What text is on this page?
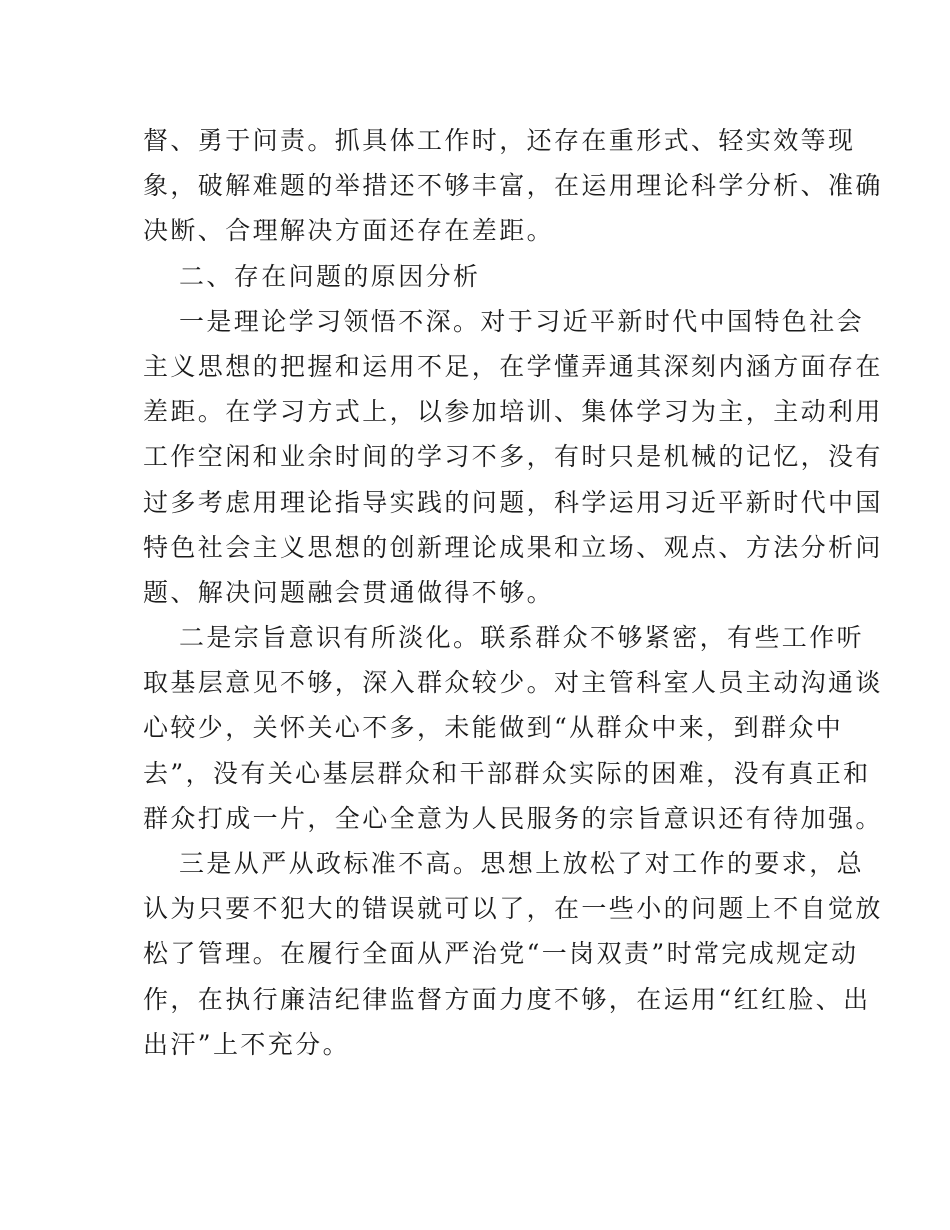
督、勇于问责。抓具体工作时，还存在重形式、轻实效等现
象，破解难题的举措还不够丰富，在运用理论科学分析、准确
决断、合理解决方面还存在差距。
二、存在问题的原因分析
一是理论学习领悟不深。对于习近平新时代中国特色社会
主义思想的把握和运用不足，在学懂弄通其深刻内涵方面存在
差距。在学习方式上，以参加培训、集体学习为主，主动利用
工作空闲和业余时间的学习不多，有时只是机械的记忆，没有
过多考虑用理论指导实践的问题，科学运用习近平新时代中国
特色社会主义思想的创新理论成果和立场、观点、方法分析问
题、解决问题融会贯通做得不够。
二是宗旨意识有所淡化。联系群众不够紧密，有些工作听
取基层意见不够，深入群众较少。对主管科室人员主动沟通谈
心较少，关怀关心不多，未能做到“从群众中来，到群众中
去”，没有关心基层群众和干部群众实际的困难，没有真正和
群众打成一片，全心全意为人民服务的宗旨意识还有待加强。
三是从严从政标准不高。思想上放松了对工作的要求，总
认为只要不犯大的错误就可以了，在一些小的问题上不自觉放
松了管理。在履行全面从严治党“一岗双责”时常完成规定动
作，在执行廉洁纪律监督方面力度不够，在运用“红红脸、出
出汗”上不充分。
